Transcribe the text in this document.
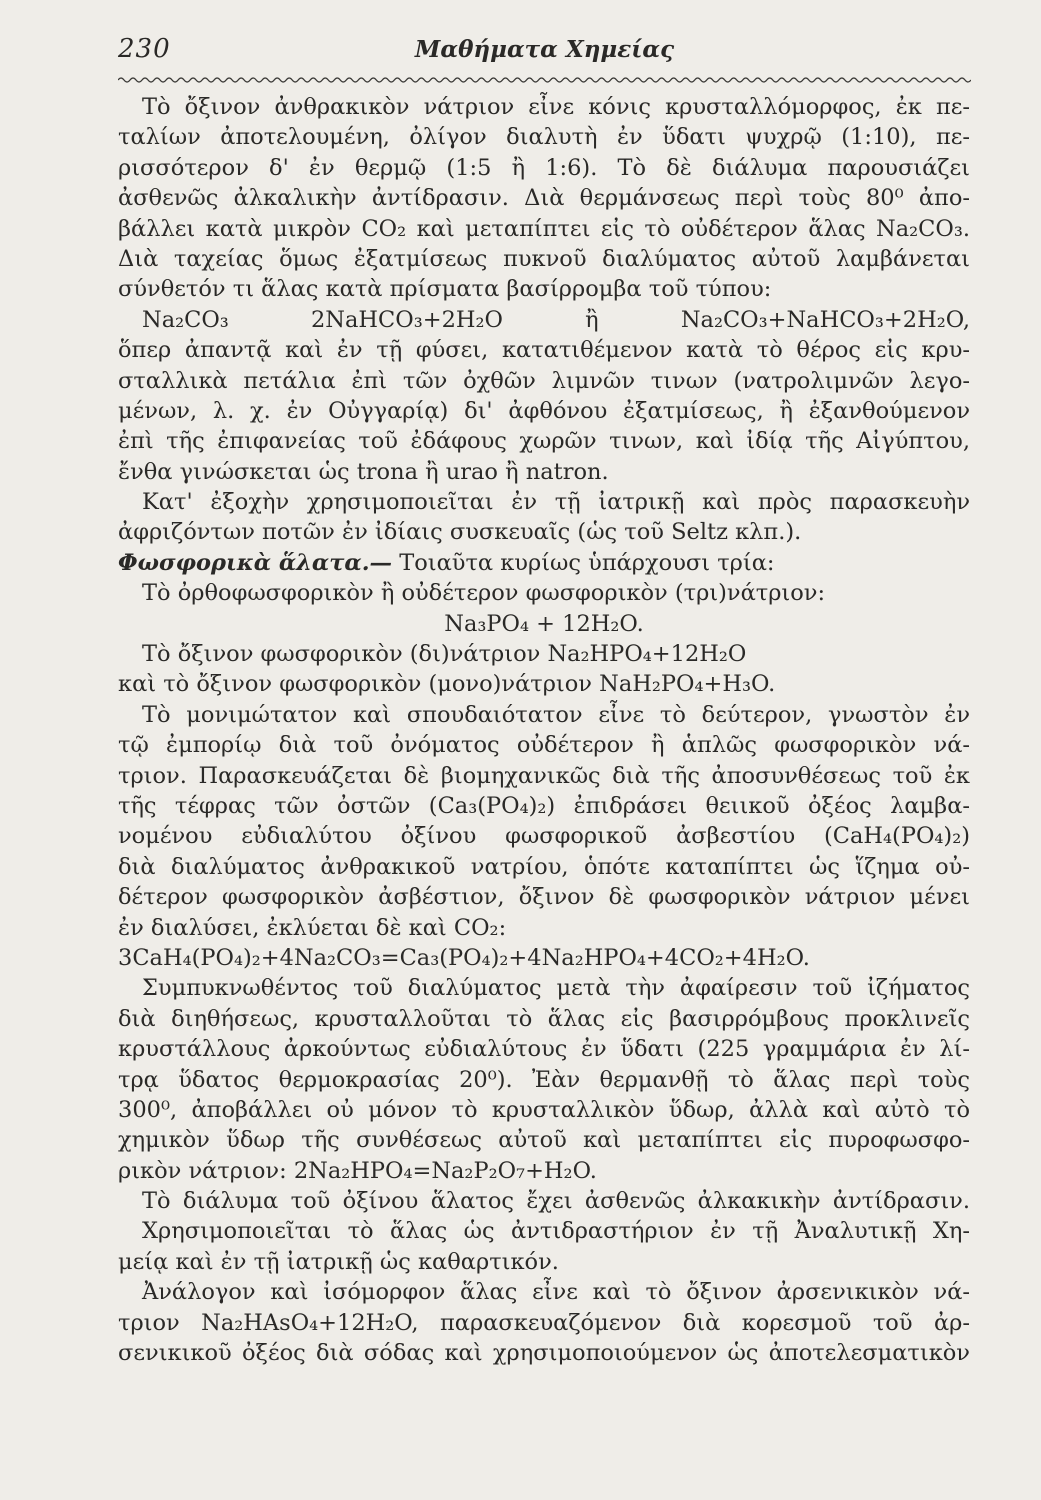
230	Μαθήματα Χημείας
Τὸ ὄξινον ἀνθρακικὸν νάτριον εἶνε κόνις κρυσταλλόμορφος, ἐκ πε-
ταλίων ἀποτελουμένη, ὀλίγον διαλυτὴ ἐν ὕδατι ψυχρῷ (1:10), πε-
ρισσότερον δ' ἐν θερμῷ (1:5 ἢ 1:6). Τὸ δὲ διάλυμα παρουσιάζει
ἀσθενῶς ἀλκαλικὴν ἀντίδρασιν. Διὰ θερμάνσεως περὶ τοὺς 80⁰ ἀπο-
βάλλει κατὰ μικρὸν CO₂ καὶ μεταπίπτει εἰς τὸ οὐδέτερον ἅλας Na₂CO₃.
Διὰ ταχείας ὅμως ἐξατμίσεως πυκνοῦ διαλύματος αὐτοῦ λαμβάνεται
σύνθετόν τι ἅλας κατὰ πρίσματα βασίρρομβα τοῦ τύπου:
Na₂CO₃ 2NaHCO₃+2H₂O ἢ Na₂CO₃+NaHCO₃+2H₂O,
ὅπερ ἀπαντᾷ καὶ ἐν τῇ φύσει, κατατιθέμενον κατὰ τὸ θέρος εἰς κρυ-
σταλλικὰ πετάλια ἐπὶ τῶν ὀχθῶν λιμνῶν τινων (νατρολιμνῶν λεγο-
μένων, λ. χ. ἐν Οὐγγαρίᾳ) δι' ἀφθόνου ἐξατμίσεως, ἢ ἐξανθούμενον
ἐπὶ τῆς ἐπιφανείας τοῦ ἐδάφους χωρῶν τινων, καὶ ἰδίᾳ τῆς Αἰγύπτου,
ἔνθα γινώσκεται ὡς trona ἢ urao ἢ natron.
Κατ' ἐξοχὴν χρησιμοποιεῖται ἐν τῇ ἰατρικῇ καὶ πρὸς παρασκευὴν
ἀφριζόντων ποτῶν ἐν ἰδίαις συσκευαῖς (ὡς τοῦ Seltz κλπ.).
Φωσφορικὰ ἅλατα.— Τοιαῦτα κυρίως ὑπάρχουσι τρία:
Τὸ ὀρθοφωσφορικὸν ἢ οὐδέτερον φωσφορικὸν (τρι)νάτριον:
Na₃PO₄ + 12H₂O.
Τὸ ὄξινον φωσφορικὸν (δι)νάτριον Na₂HPO₄+12H₂O
καὶ τὸ ὄξινον φωσφορικὸν (μονο)νάτριον NaH₂PO₄+H₃O.
Τὸ μονιμώτατον καὶ σπουδαιότατον εἶνε τὸ δεύτερον, γνωστὸν ἐν
τῷ ἐμπορίῳ διὰ τοῦ ὀνόματος οὐδέτερον ἢ ἁπλῶς φωσφορικὸν νά-
τριον. Παρασκευάζεται δὲ βιομηχανικῶς διὰ τῆς ἀποσυνθέσεως τοῦ ἐκ
τῆς τέφρας τῶν ὀστῶν (Ca₃(PO₄)₂) ἐπιδράσει θειικοῦ ὀξέος λαμβα-
νομένου εὐδιαλύτου ὀξίνου φωσφορικοῦ ἀσβεστίου (CaH₄(PO₄)₂)
διὰ διαλύματος ἀνθρακικοῦ νατρίου, ὁπότε καταπίπτει ὡς ἵζημα οὐ-
δέτερον φωσφορικὸν ἀσβέστιον, ὄξινον δὲ φωσφορικὸν νάτριον μένει
ἐν διαλύσει, ἐκλύεται δὲ καὶ CO₂:
3CaH₄(PO₄)₂+4Na₂CO₃=Ca₃(PO₄)₂+4Na₂HPO₄+4CO₂+4H₂O.
Συμπυκνωθέντος τοῦ διαλύματος μετὰ τὴν ἀφαίρεσιν τοῦ ἰζήματος
διὰ διηθήσεως, κρυσταλλοῦται τὸ ἅλας εἰς βασιρρόμβους προκλινεῖς
κρυστάλλους ἀρκούντως εὐδιαλύτους ἐν ὕδατι (225 γραμμάρια ἐν λί-
τρᾳ ὕδατος θερμοκρασίας 20⁰). Ἐὰν θερμανθῇ τὸ ἅλας περὶ τοὺς
300⁰, ἀποβάλλει οὐ μόνον τὸ κρυσταλλικὸν ὕδωρ, ἀλλὰ καὶ αὐτὸ τὸ
χημικὸν ὕδωρ τῆς συνθέσεως αὐτοῦ καὶ μεταπίπτει εἰς πυροφωσφο-
ρικὸν νάτριον: 2Na₂HPO₄=Na₂P₂O₇+H₂O.
Τὸ διάλυμα τοῦ ὀξίνου ἅλατος ἔχει ἀσθενῶς ἀλκακικὴν ἀντίδρασιν.
Χρησιμοποιεῖται τὸ ἅλας ὡς ἀντιδραστήριον ἐν τῇ Ἀναλυτικῇ Χη-
μείᾳ καὶ ἐν τῇ ἰατρικῇ ὡς καθαρτικόν.
Ἀνάλογον καὶ ἰσόμορφον ἅλας εἶνε καὶ τὸ ὄξινον ἀρσενικικὸν νά-
τριον Na₂HAsO₄+12H₂O, παρασκευαζόμενον διὰ κορεσμοῦ τοῦ ἀρ-
σενικικοῦ ὀξέος διὰ σόδας καὶ χρησιμοποιούμενον ὡς ἀποτελεσματικὸν
